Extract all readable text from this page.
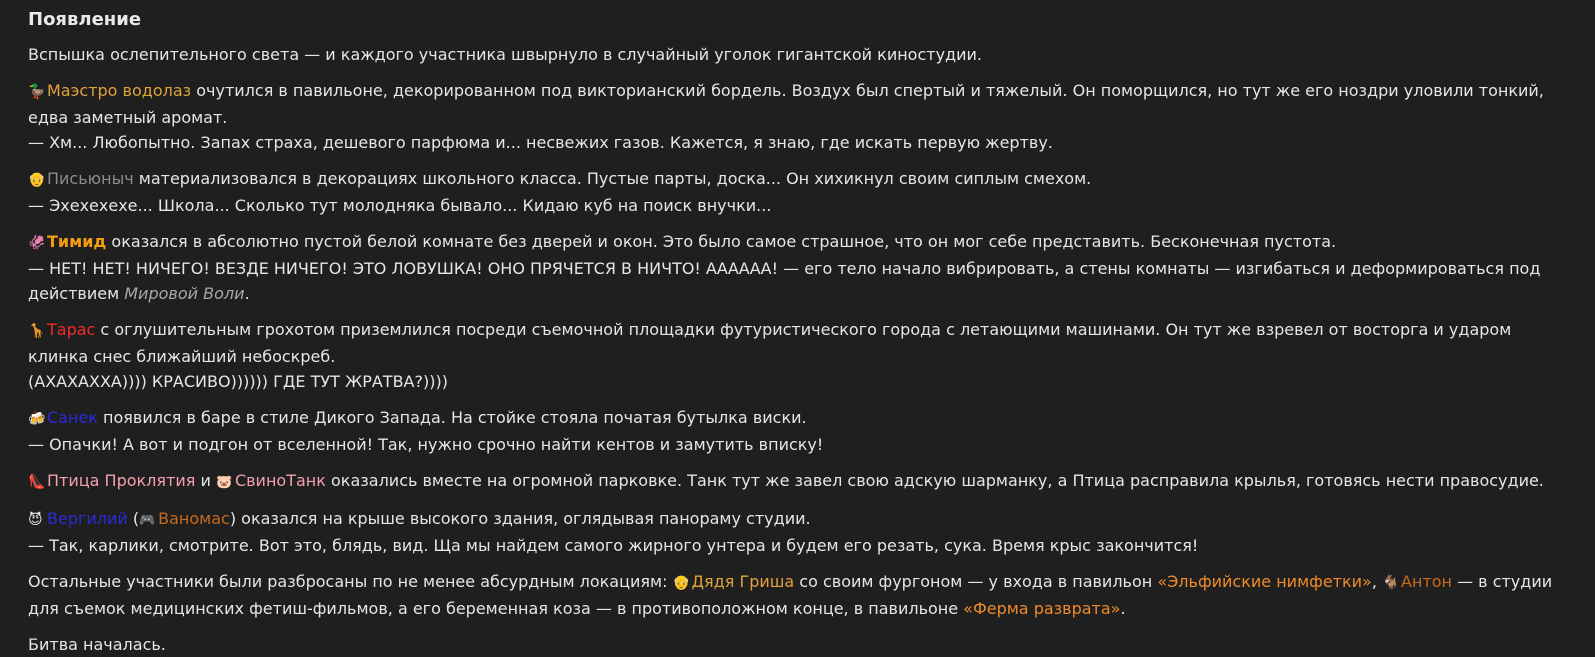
Появление

Вспышка ослепительного света — и каждого участника швырнуло в случайный уголок гигантской киностудии.

🦆Маэстро водолаз очутился в павильоне, декорированном под викторианский бордель. Воздух был спертый и тяжелый. Он поморщился, но тут же его ноздри уловили тонкий, едва заметный аромат.
— Хм... Любопытно. Запах страха, дешевого парфюма и... несвежих газов. Кажется, я знаю, где искать первую жертву.

👴Письюныч материализовался в декорациях школьного класса. Пустые парты, доска... Он хихикнул своим сиплым смехом.
— Эхехехехе... Школа... Сколько тут молодняка бывало... Кидаю куб на поиск внучки...

🦑Тимид оказался в абсолютно пустой белой комнате без дверей и окон. Это было самое страшное, что он мог себе представить. Бесконечная пустота.
— НЕТ! НЕТ! НИЧЕГО! ВЕЗДЕ НИЧЕГО! ЭТО ЛОВУШКА! ОНО ПРЯЧЕТСЯ В НИЧТО! АААААА! — его тело начало вибрировать, а стены комнаты — изгибаться и деформироваться под действием Мировой Воли.

🦒Тарас с оглушительным грохотом приземлился посреди съемочной площадки футуристического города с летающими машинами. Он тут же взревел от восторга и ударом клинка снес ближайший небоскреб.
(АХАХАХХА)))) КРАСИВО)))))) ГДЕ ТУТ ЖРАТВА?))))

🍻Санек появился в баре в стиле Дикого Запада. На стойке стояла початая бутылка виски.
— Опачки! А вот и подгон от вселенной! Так, нужно срочно найти кентов и замутить вписку!

👠Птица Проклятия и 🐷 СвиноТанк оказались вместе на огромной парковке. Танк тут же завел свою адскую шарманку, а Птица расправила крылья, готовясь нести правосудие.

😈 Вергилий (🎮 Ваномас) оказался на крыше высокого здания, оглядывая панораму студии.
— Так, карлики, смотрите. Вот это, блядь, вид. Ща мы найдем самого жирного унтера и будем его резать, сука. Время крыс закончится!

Остальные участники были разбросаны по не менее абсурдным локациям: 👴Дядя Гриша со своим фургоном — у входа в павильон «Эльфийские нимфетки», 🐐Антон — в студии для съемок медицинских фетиш-фильмов, а его беременная коза — в противоположном конце, в павильоне «Ферма разврата».

Битва началась.
